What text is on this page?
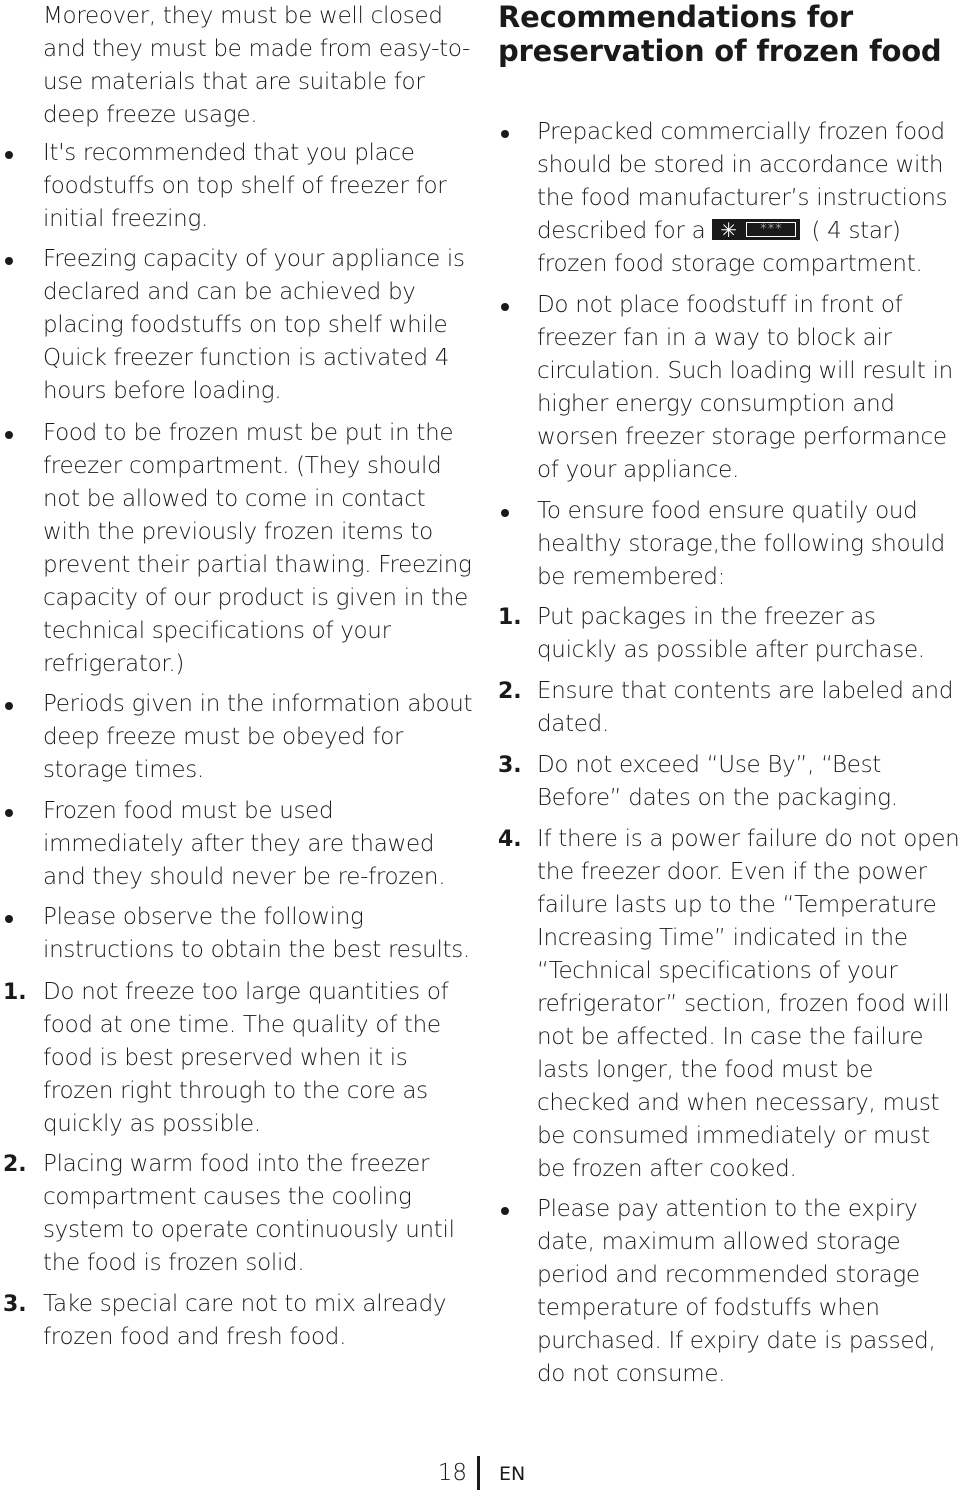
Moreover, they must be well closed and they must be made from easy-to-use materials that are suitable for deep freeze usage.

It's recommended that you place foodstuffs on top shelf of freezer for initial freezing.

Freezing capacity of your appliance is declared and can be achieved by placing foodstuffs on top shelf while Quick freezer function is activated 4 hours before loading.

Food to be frozen must be put in the freezer compartment. (They should not be allowed to come in contact with the previously frozen items to prevent their partial thawing. Freezing capacity of our product is given in the technical specifications of your refrigerator.)

Periods given in the information about deep freeze must be obeyed for storage times.

Frozen food must be used immediately after they are thawed and they should never be re-frozen.

Please observe the following instructions to obtain the best results.

1. Do not freeze too large quantities of food at one time. The quality of the food is best preserved when it is frozen right through to the core as quickly as possible.

2. Placing warm food into the freezer compartment causes the cooling system to operate continuously until the food is frozen solid.

3. Take special care not to mix already frozen food and fresh food.

Recommendations for preservation of frozen food

Prepacked commercially frozen food should be stored in accordance with the food manufacturer’s instructions described for a ✳	***	( 4 star) frozen food storage compartment.

Do not place foodstuff in front of freezer fan in a way to block air circulation. Such loading will result in higher energy consumption and worsen freezer storage performance of your appliance.

To ensure food ensure quatily oud healthy storage,the following should be remembered:

1. Put packages in the freezer as quickly as possible after purchase.

2. Ensure that contents are labeled and dated.

3. Do not exceed “Use By”, “Best Before” dates on the packaging.

4. If there is a power failure do not open the freezer door. Even if the power failure lasts up to the “Temperature Increasing Time” indicated in the “Technical specifications of your refrigerator” section, frozen food will not be affected. In case the failure lasts longer, the food must be checked and when necessary, must be consumed immediately or must be frozen after cooked.

Please pay attention to the expiry date, maximum allowed storage period and recommended storage temperature of fodstuffs when purchased. If expiry date is passed, do not consume.

18 EN
